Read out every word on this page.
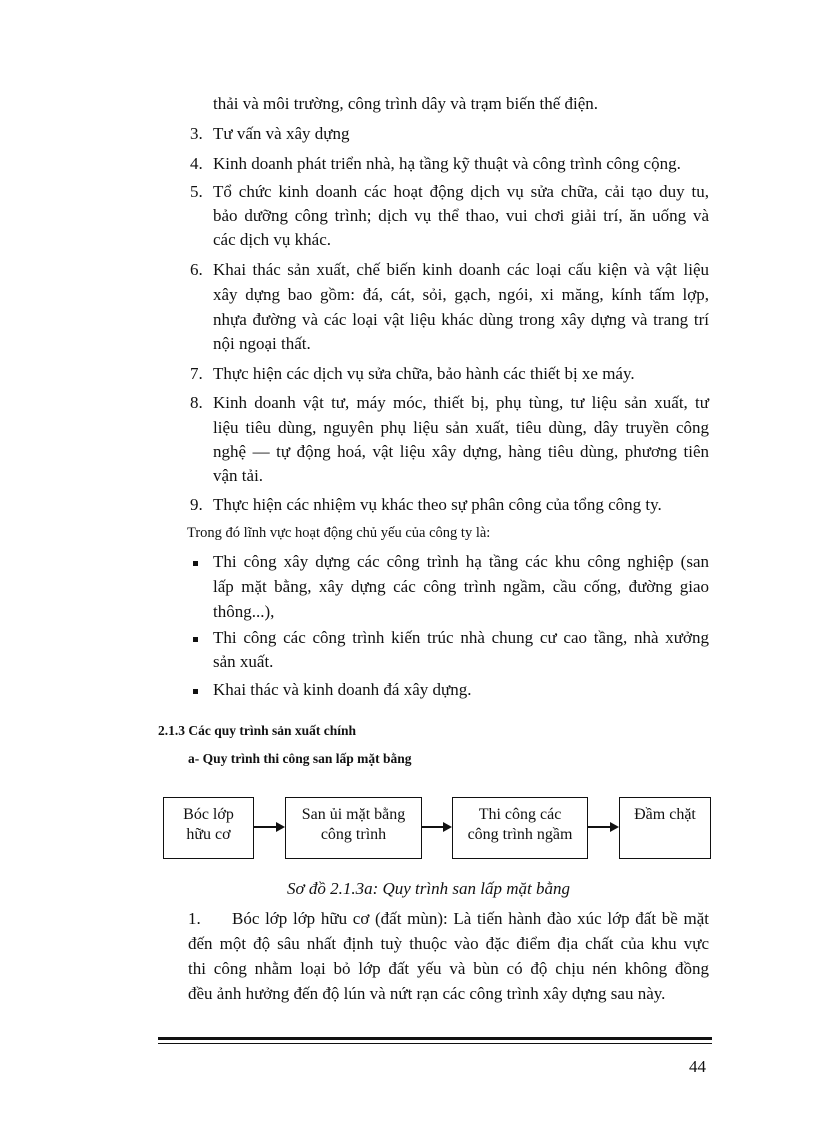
thải và môi trường, công trình dây và trạm biến thế điện.
3. Tư vấn và xây dựng
4. Kinh doanh phát triển nhà, hạ tầng kỹ thuật và công trình công cộng.
5. Tổ chức kinh doanh các hoạt động dịch vụ sửa chữa, cải tạo duy tu,
bảo dưỡng công trình; dịch vụ thể thao, vui chơi giải trí, ăn uống và
các dịch vụ khác.
6. Khai thác sản xuất, chế biến kinh doanh các loại cấu kiện và vật liệu
xây dựng bao gồm: đá, cát, sỏi, gạch, ngói, xi măng, kính tấm lợp,
nhựa đường và các loại vật liệu khác dùng trong xây dựng và trang trí
nội ngoại thất.
7. Thực hiện các dịch vụ sửa chữa, bảo hành các thiết bị xe máy.
8. Kinh doanh vật tư, máy móc, thiết bị, phụ tùng, tư liệu sản xuất, tư
liệu tiêu dùng, nguyên phụ liệu sản xuất, tiêu dùng, dây truyền công
nghệ — tự động hoá, vật liệu xây dựng, hàng tiêu dùng, phương tiên
vận tải.
9. Thực hiện các nhiệm vụ khác theo sự phân công của tổng công ty.
Trong đó lĩnh vực hoạt động chủ yếu của công ty là:
Thi công xây dựng các công trình hạ tầng các khu công nghiệp (san
lấp mặt bằng, xây dựng các công trình ngầm, cầu cống, đường giao
thông...),
Thi công các công trình kiến trúc nhà chung cư cao tầng, nhà xưởng
sản xuất.
Khai thác và kinh doanh đá xây dựng.
2.1.3 Các quy trình sản xuất chính
a- Quy trình thi công san lấp mặt bằng
Bóc lớp
hữu cơ
San ủi mặt bằng
công trình
Thi công các
công trình ngầm
Đầm chặt
Sơ đồ 2.1.3a: Quy trình san lấp mặt bằng
1. Bóc lớp lớp hữu cơ (đất mùn): Là tiến hành đào xúc lớp đất bề mặt
đến một độ sâu nhất định tuỳ thuộc vào đặc điểm địa chất của khu vực
thi công nhằm loại bỏ lớp đất yếu và bùn có độ chịu nén không đồng
đều ảnh hưởng đến độ lún và nứt rạn các công trình xây dựng sau này.
44
